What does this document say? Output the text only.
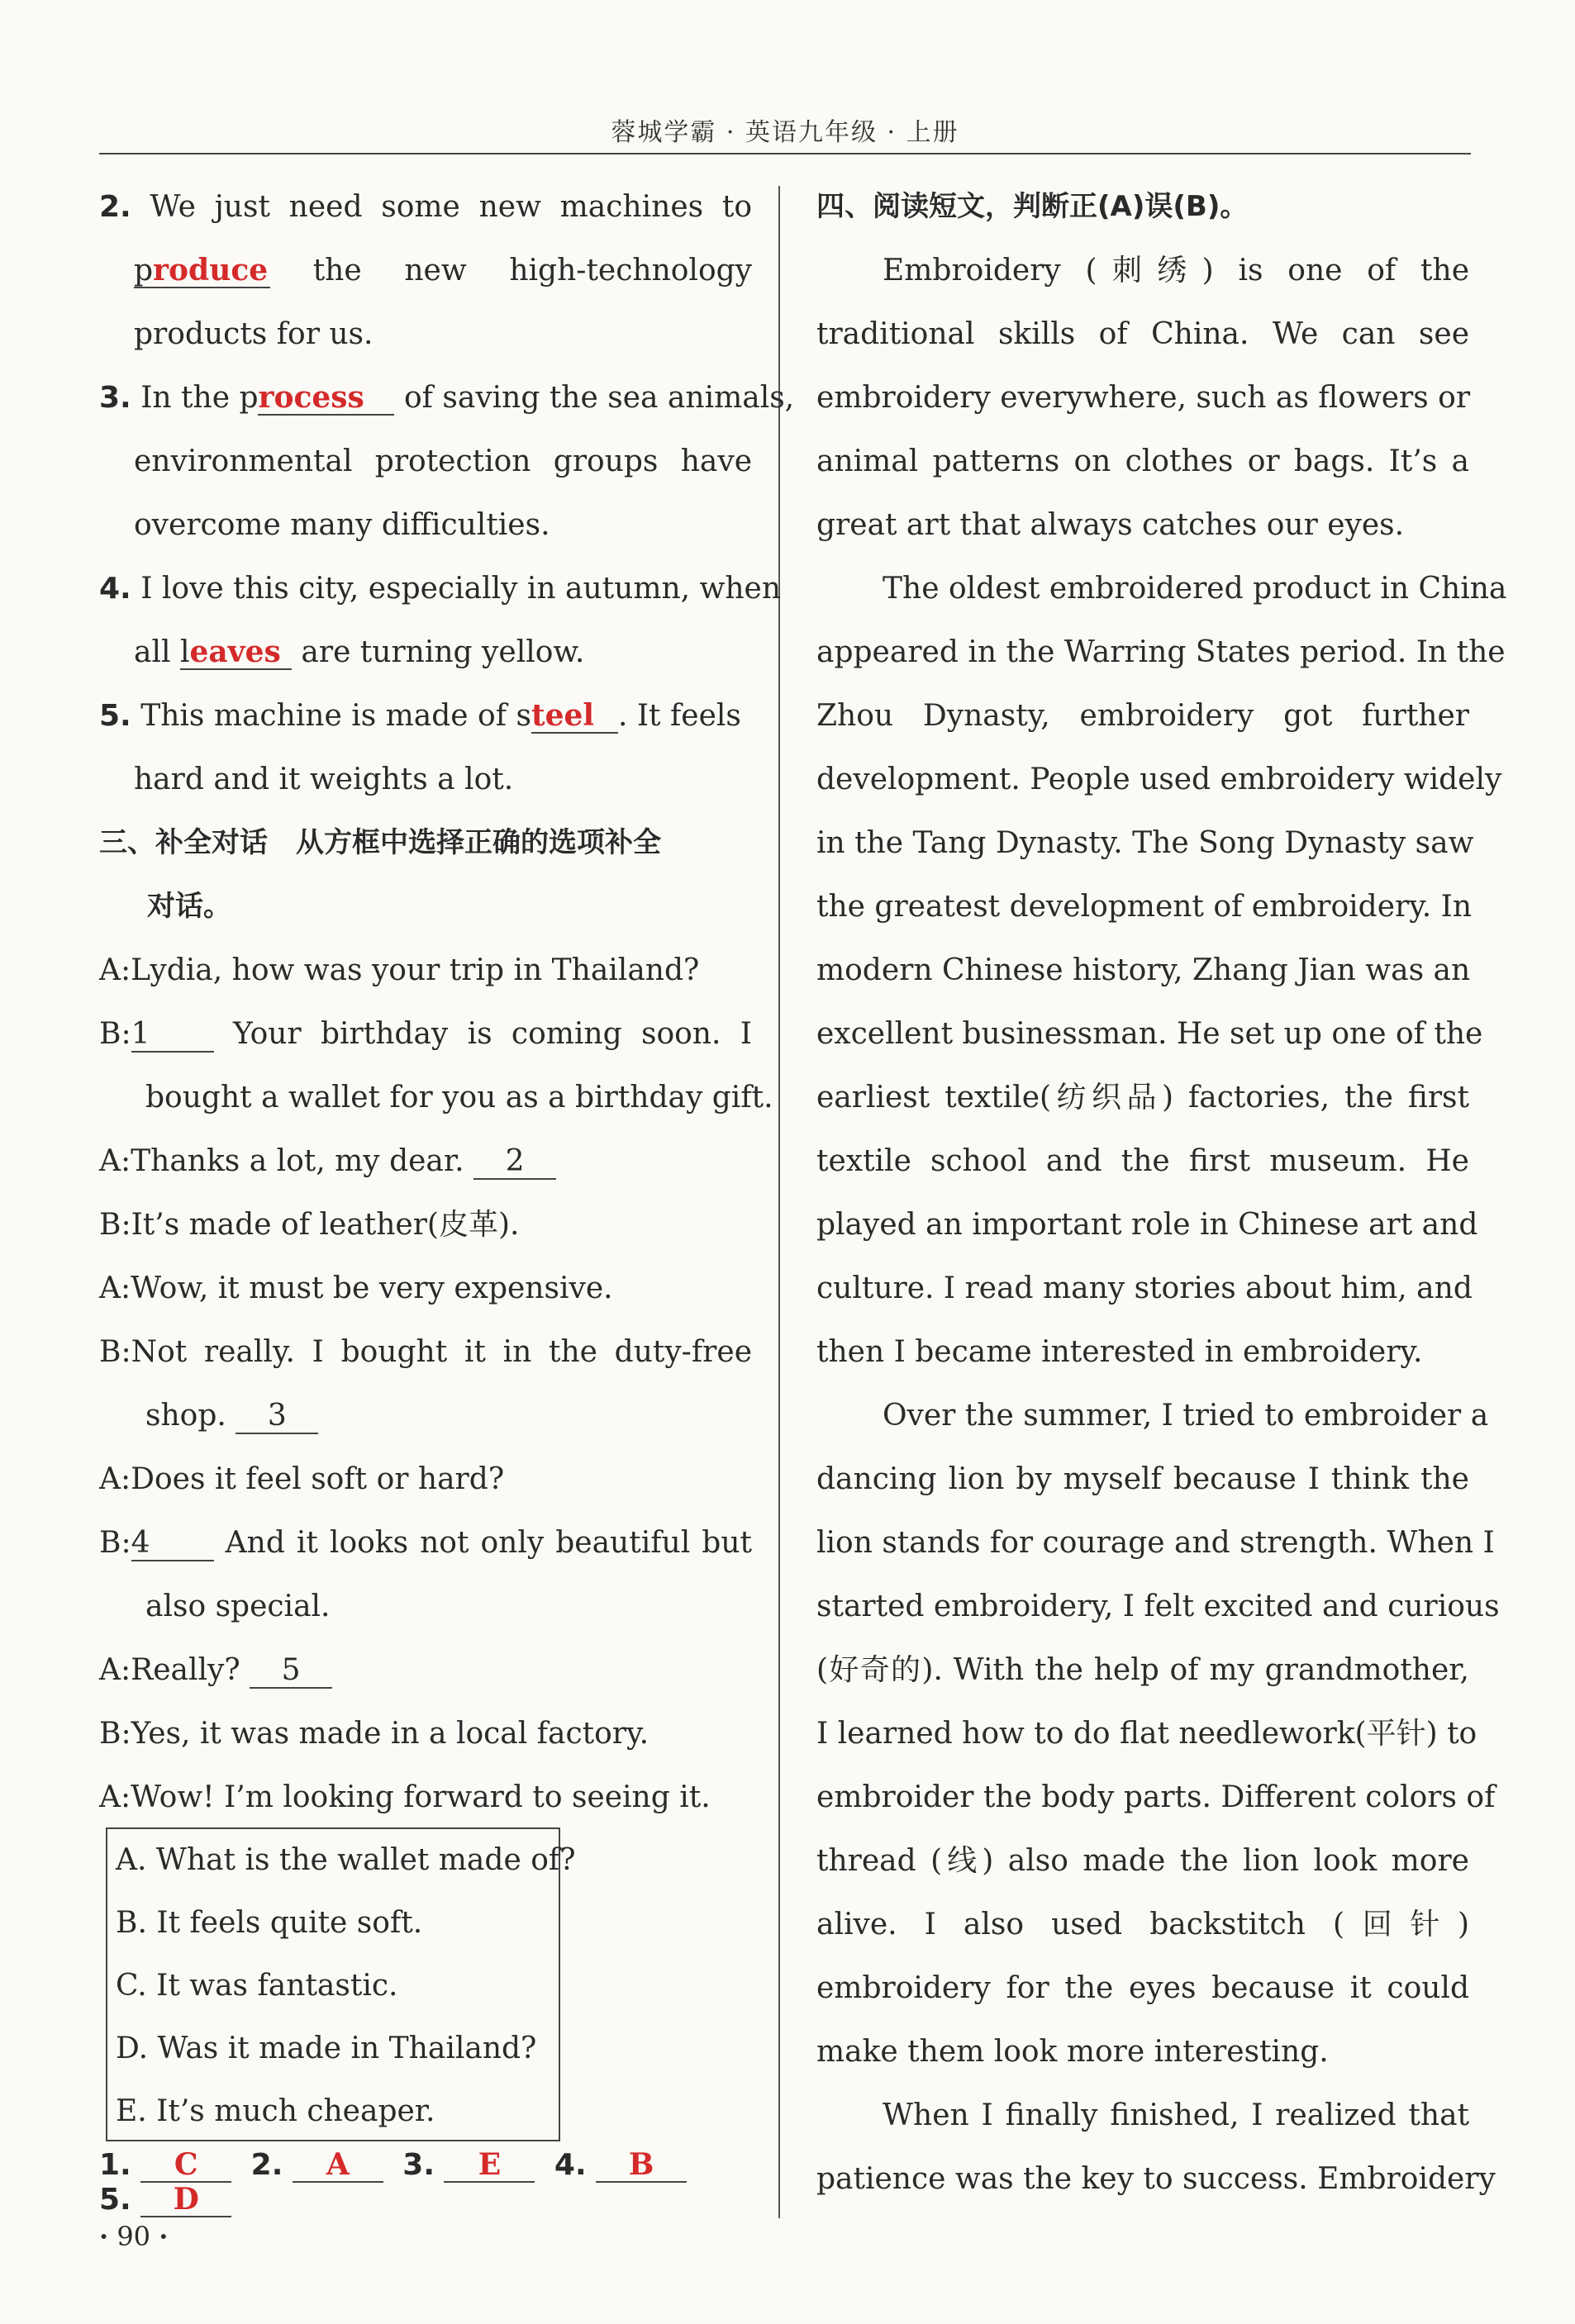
蓉城学霸 · 英语九年级 · 上册
2. We just need some new machines to
produce the new high-technology
products for us.
3. In the process of saving the sea animals,
environmental protection groups have
overcome many difficulties.
4. I love this city, especially in autumn, when
all leaves are turning yellow.
5. This machine is made of steel . It feels
hard and it weights a lot.
三、补全对话　从方框中选择正确的选项补全
对话。
A:Lydia, how was your trip in Thailand?
B:1	Your birthday is coming soon. I
bought a wallet for you as a birthday gift.
A:Thanks a lot, my dear. 2
B:It’s made of leather(皮革).
A:Wow, it must be very expensive.
B:Not really. I bought it in the duty-free
shop. 3
A:Does it feel soft or hard?
B:4	And it looks not only beautiful but
also special.
A:Really? 5
B:Yes, it was made in a local factory.
A:Wow! I’m looking forward to seeing it.
A. What is the wallet made of?
B. It feels quite soft.
C. It was fantastic.
D. Was it made in Thailand?
E. It’s much cheaper.
1. C 2. A 3. E 4. B 5. D
· 90 ·
四、阅读短文，判断正(A)误(B)。
Embroidery (刺绣) is one of the
traditional skills of China. We can see
embroidery everywhere, such as flowers or
animal patterns on clothes or bags. It’s a
great art that always catches our eyes.
The oldest embroidered product in China
appeared in the Warring States period. In the
Zhou Dynasty, embroidery got further
development. People used embroidery widely
in the Tang Dynasty. The Song Dynasty saw
the greatest development of embroidery. In
modern Chinese history, Zhang Jian was an
excellent businessman. He set up one of the
earliest textile(纺织品) factories, the first
textile school and the first museum. He
played an important role in Chinese art and
culture. I read many stories about him, and
then I became interested in embroidery.
Over the summer, I tried to embroider a
dancing lion by myself because I think the
lion stands for courage and strength. When I
started embroidery, I felt excited and curious
(好奇的). With the help of my grandmother,
I learned how to do flat needlework(平针) to
embroider the body parts. Different colors of
thread (线) also made the lion look more
alive. I also used backstitch (回针)
embroidery for the eyes because it could
make them look more interesting.
When I finally finished, I realized that
patience was the key to success. Embroidery
